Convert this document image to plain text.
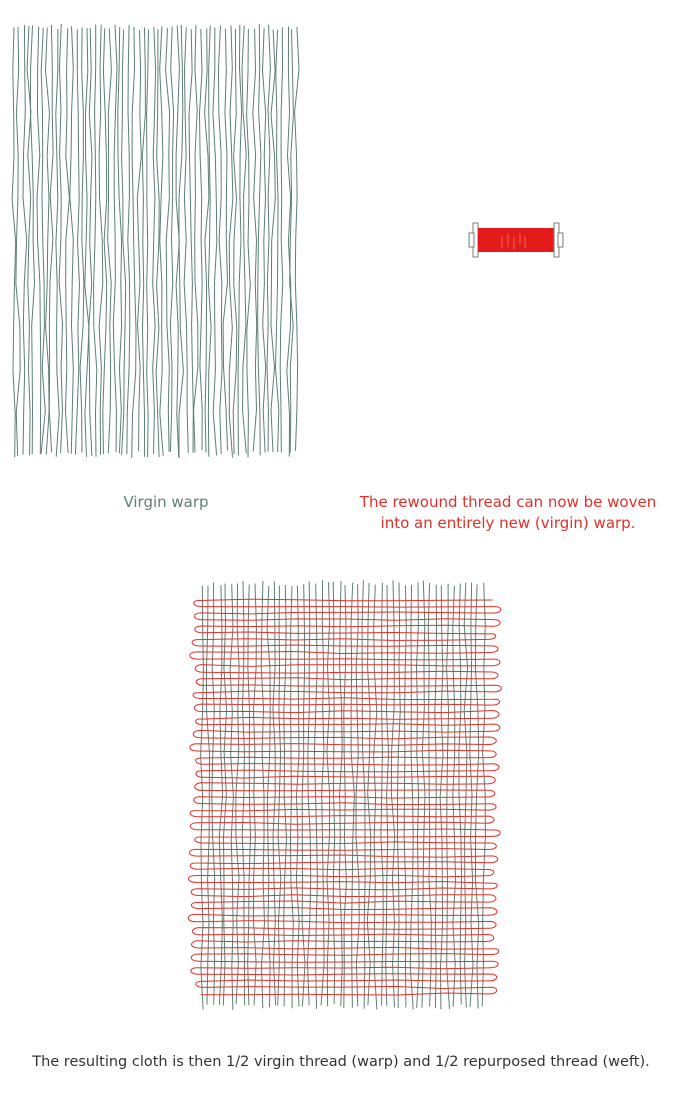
Virgin warp	The rewound thread can now be woven
into an entirely new (virgin) warp.
The resulting cloth is then 1/2 virgin thread (warp) and 1/2 repurposed thread (weft).
